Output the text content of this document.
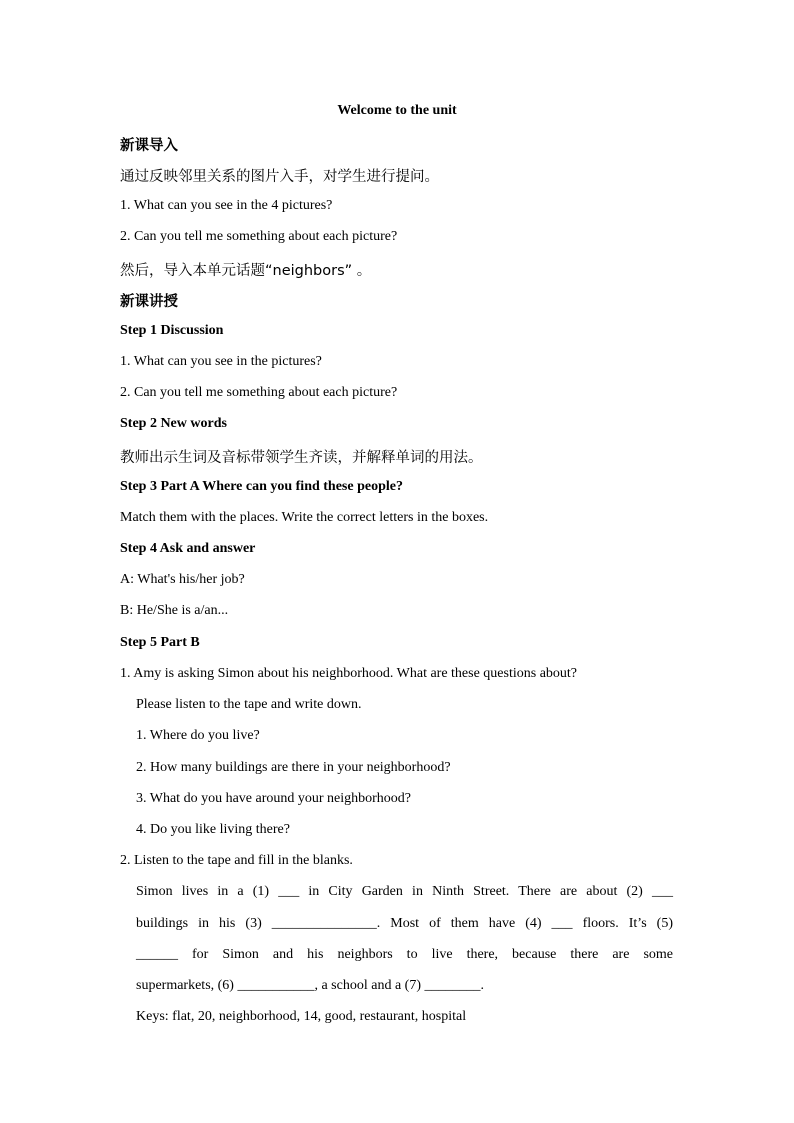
Welcome to the unit
新课导入
通过反映邻里关系的图片入手，对学生进行提问。
1. What can you see in the 4 pictures?
2. Can you tell me something about each picture?
然后，导入本单元话题“neighbors” 。
新课讲授
Step 1 Discussion
1. What can you see in the pictures?
2. Can you tell me something about each picture?
Step 2 New words
教师出示生词及音标带领学生齐读，并解释单词的用法。
Step 3 Part A Where can you find these people?
Match them with the places. Write the correct letters in the boxes.
Step 4 Ask and answer
A: What's his/her job?
B: He/She is a/an...
Step 5 Part B
1. Amy is asking Simon about his neighborhood. What are these questions about?
Please listen to the tape and write down.
1. Where do you live?
2. How many buildings are there in your neighborhood?
3. What do you have around your neighborhood?
4. Do you like living there?
2. Listen to the tape and fill in the blanks.
Simon lives in a (1) ___ in City Garden in Ninth Street. There are about (2) ___
buildings in his (3) _______________. Most of them have (4) ___ floors. It’s (5)
______ for Simon and his neighbors to live there, because there are some
supermarkets, (6) ___________, a school and a (7) ________.
Keys: flat, 20, neighborhood, 14, good, restaurant, hospital
